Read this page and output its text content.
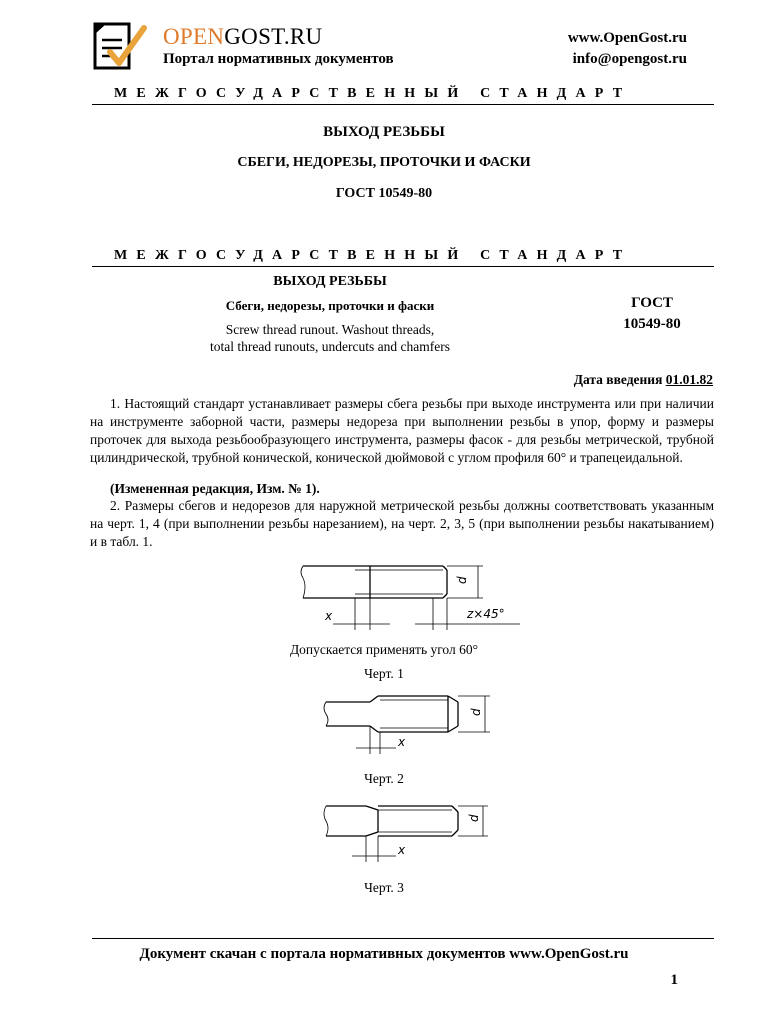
OPENGOST.RU
Портал нормативных документов
www.OpenGost.ru
info@opengost.ru
МЕЖГОСУДАРСТВЕННЫЙ СТАНДАРТ
ВЫХОД РЕЗЬБЫ
СБЕГИ, НЕДОРЕЗЫ, ПРОТОЧКИ И ФАСКИ
ГОСТ 10549-80
МЕЖГОСУДАРСТВЕННЫЙ СТАНДАРТ
ВЫХОД РЕЗЬБЫ
Сбеги, недорезы, проточки и фаски
Screw thread runout. Washout threads,
total thread runouts, undercuts and chamfers
ГОСТ
10549-80
Дата введения 01.01.82

1. Настоящий стандарт устанавливает размеры сбега резьбы при выходе инструмента или при наличии на инструменте заборной части, размеры недореза при выполнении резьбы в упор, форму и размеры проточек для выхода резьбообразующего инструмента, размеры фасок - для резьбы метрической, трубной цилиндрической, трубной конической, конической дюймовой с углом профиля 60° и трапецеидальной.

(Измененная редакция, Изм. № 1).

2. Размеры сбегов и недорезов для наружной метрической резьбы должны соответствовать указанным на черт. 1, 4 (при выполнении резьбы нарезанием), на черт. 2, 3, 5 (при выполнении резьбы накатыванием) и в табл. 1.

d
x	z×45°
Допускается применять угол 60°
Черт. 1
d
x
Черт. 2
d
x
Черт. 3
Документ скачан с портала нормативных документов www.OpenGost.ru
1
